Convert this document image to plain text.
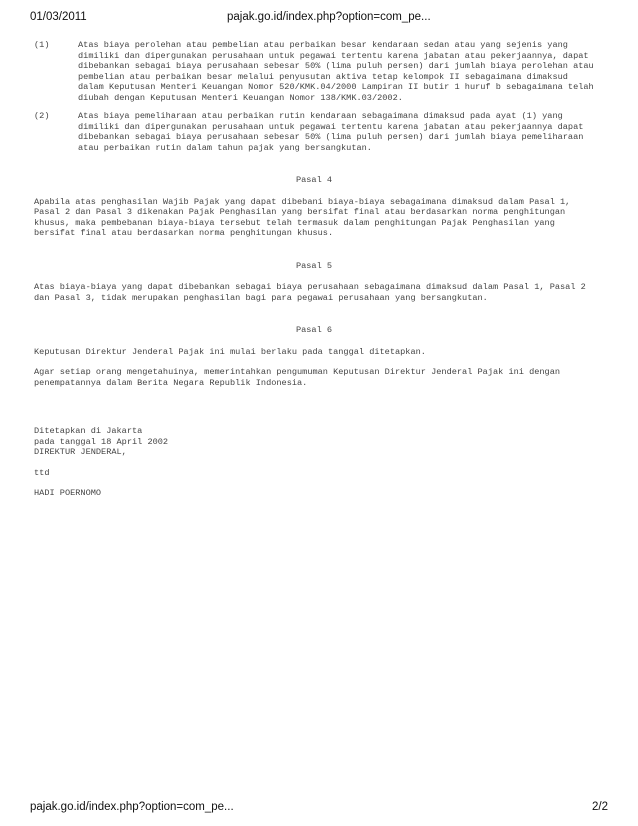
01/03/2011	pajak.go.id/index.php?option=com_pe...
(1)	Atas biaya perolehan atau pembelian atau perbaikan besar kendaraan sedan atau yang sejenis yang dimiliki dan dipergunakan perusahaan untuk pegawai tertentu karena jabatan atau pekerjaannya, dapat dibebankan sebagai biaya perusahaan sebesar 50% (lima puluh persen) dari jumlah biaya perolehan atau pembelian atau perbaikan besar melalui penyusutan aktiva tetap kelompok II sebagaimana dimaksud dalam Keputusan Menteri Keuangan Nomor 520/KMK.04/2000 Lampiran II butir 1 huruf b sebagaimana telah diubah dengan Keputusan Menteri Keuangan Nomor 138/KMK.03/2002.
(2)	Atas biaya pemeliharaan atau perbaikan rutin kendaraan sebagaimana dimaksud pada ayat (1) yang dimiliki dan dipergunakan perusahaan untuk pegawai tertentu karena jabatan atau pekerjaannya dapat dibebankan sebagai biaya perusahaan sebesar 50% (lima puluh persen) dari jumlah biaya pemeliharaan atau perbaikan rutin dalam tahun pajak yang bersangkutan.
Pasal 4
Apabila atas penghasilan Wajib Pajak yang dapat dibebani biaya-biaya sebagaimana dimaksud dalam Pasal 1, Pasal 2 dan Pasal 3 dikenakan Pajak Penghasilan yang bersifat final atau berdasarkan norma penghitungan khusus, maka pembebanan biaya-biaya tersebut telah termasuk dalam penghitungan Pajak Penghasilan yang bersifat final atau berdasarkan norma penghitungan khusus.
Pasal 5
Atas biaya-biaya yang dapat dibebankan sebagai biaya perusahaan sebagaimana dimaksud dalam Pasal 1, Pasal 2 dan Pasal 3, tidak merupakan penghasilan bagi para pegawai perusahaan yang bersangkutan.
Pasal 6
Keputusan Direktur Jenderal Pajak ini mulai berlaku pada tanggal ditetapkan.
Agar setiap orang mengetahuinya, memerintahkan pengumuman Keputusan Direktur Jenderal Pajak ini dengan penempatannya dalam Berita Negara Republik Indonesia.
Ditetapkan di Jakarta
pada tanggal 18 April 2002
DIREKTUR JENDERAL,
ttd
HADI POERNOMO
pajak.go.id/index.php?option=com_pe...	2/2
